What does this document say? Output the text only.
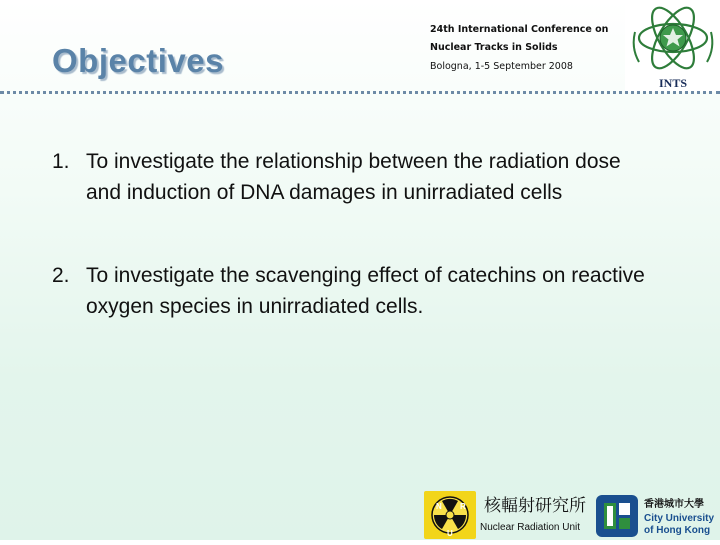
Objectives
24th International Conference on
Nuclear Tracks in Solids
Bologna, 1-5 September 2008
INTS
1. To investigate the relationship between the radiation dose and induction of DNA damages in unirradiated cells
2. To investigate the scavenging effect of catechins on reactive oxygen species in unirradiated cells.
N R
U
核輻射研究所
Nuclear Radiation Unit
香港城市大學
City University
of Hong Kong
